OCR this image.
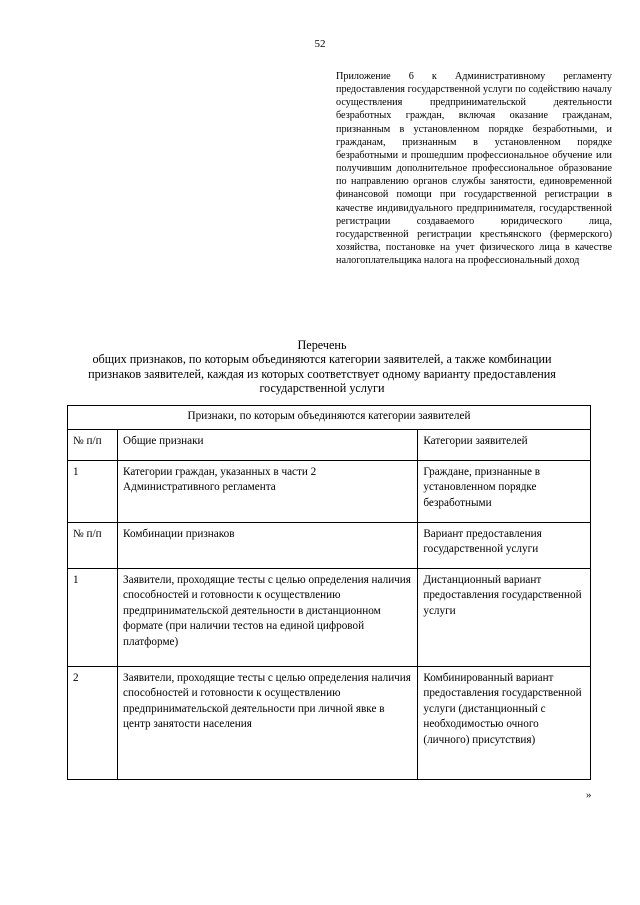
52
Приложение 6 к Административному регламенту предоставления государственной услуги по содействию началу осуществления предпринимательской деятельности безработных граждан, включая оказание гражданам, признанным в установленном порядке безработными, и гражданам, признанным в установленном порядке безработными и прошедшим профессиональное обучение или получившим дополнительное профессиональное образование по направлению органов службы занятости, единовременной финансовой помощи при государственной регистрации в качестве индивидуального предпринимателя, государственной регистрации создаваемого юридического лица, государственной регистрации крестьянского (фермерского) хозяйства, постановке на учет физического лица в качестве налогоплательщика налога на профессиональный доход
Перечень
общих признаков, по которым объединяются категории заявителей, а также комбинации
признаков заявителей, каждая из которых соответствует одному варианту предоставления
государственной услуги
Признаки, по которым объединяются категории заявителей		
№ п/п	Общие признаки	Категории заявителей
1	Категории граждан, указанных в части 2 Административного регламента	Граждане, признанные в установленном порядке безработными
№ п/п	Комбинации признаков	Вариант предоставления государственной услуги
1	Заявители, проходящие тесты с целью определения наличия способностей и готовности к осуществлению предпринимательской деятельности в дистанционном формате (при наличии тестов на единой цифровой платформе)	Дистанционный вариант предоставления государственной услуги
2	Заявители, проходящие тесты с целью определения наличия способностей и готовности к осуществлению предпринимательской деятельности при личной явке в центр занятости населения	Комбинированный вариант предоставления государственной услуги (дистанционный с необходимостью очного (личного) присутствия)
»
